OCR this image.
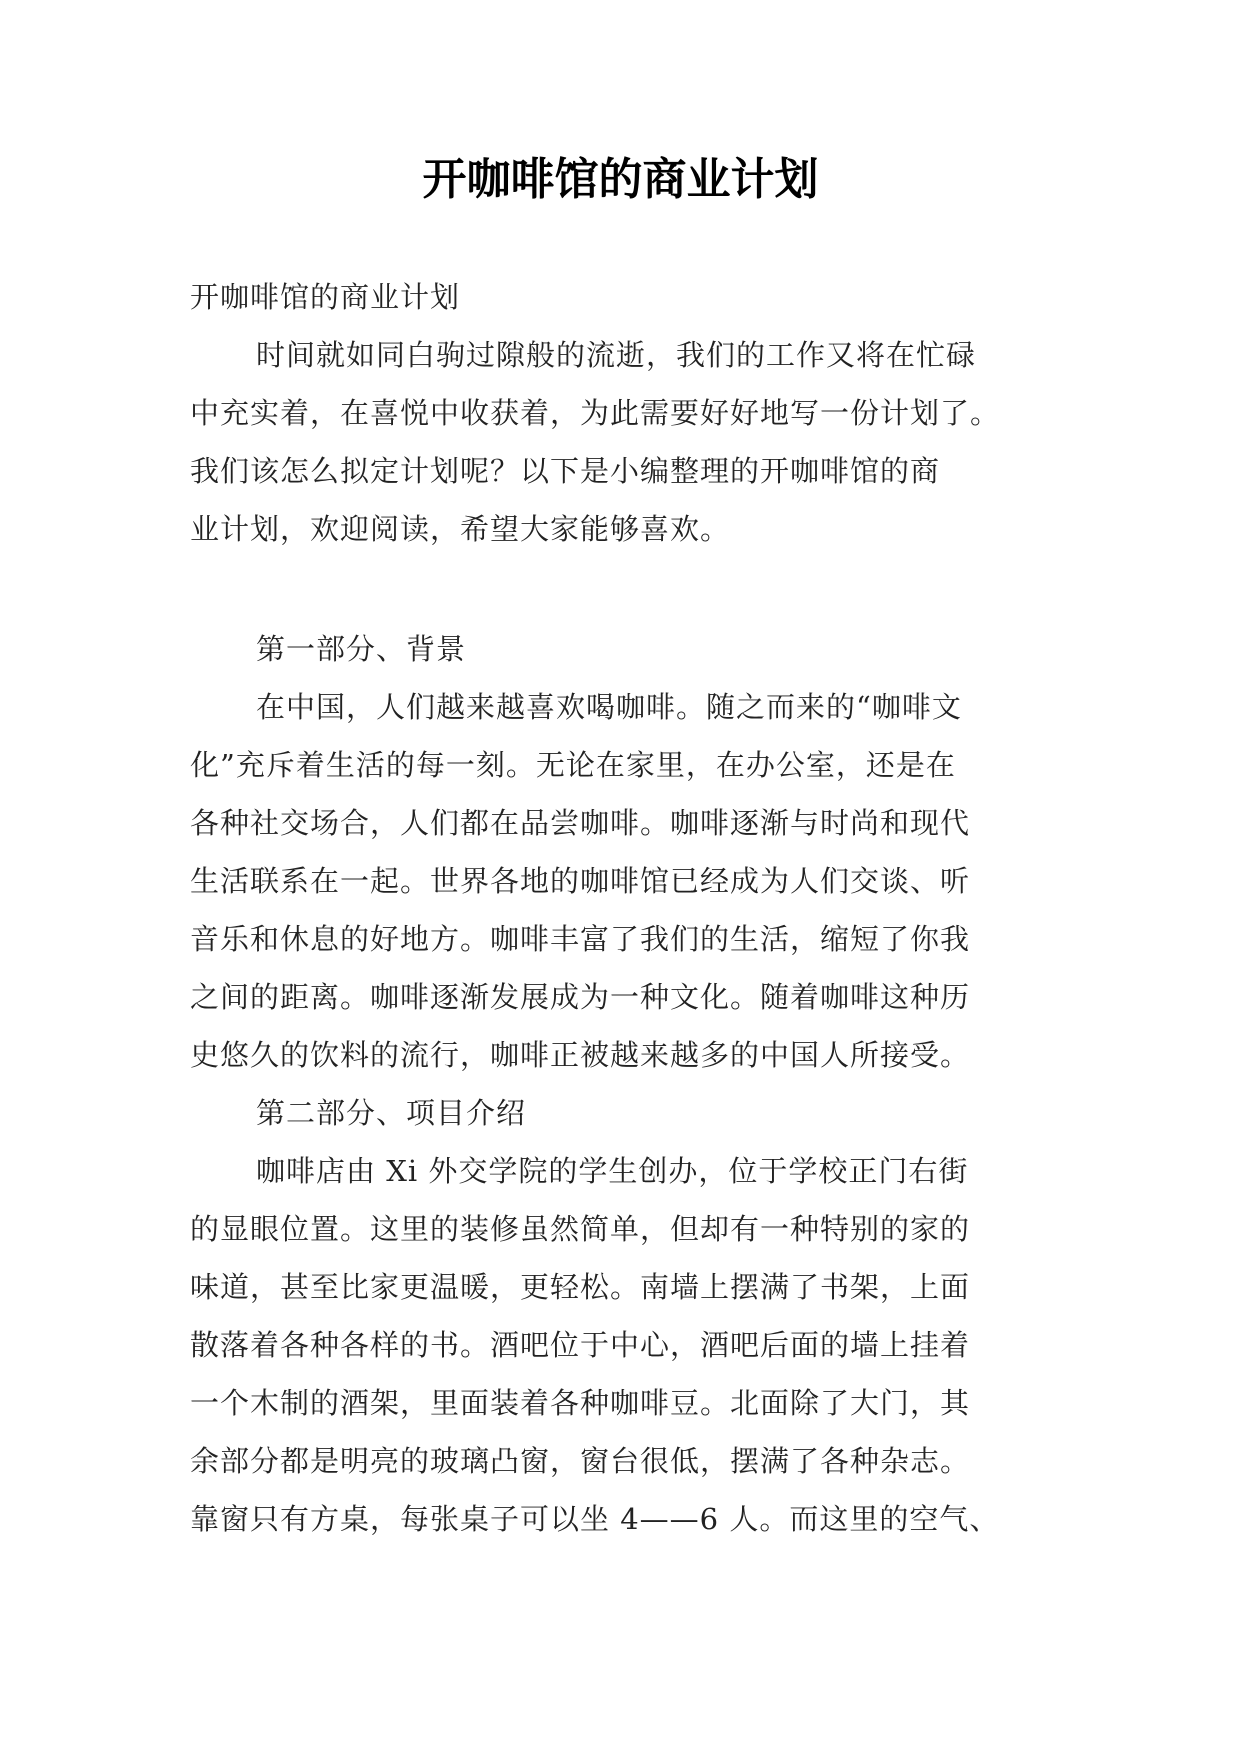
开咖啡馆的商业计划
开咖啡馆的商业计划
时间就如同白驹过隙般的流逝，我们的工作又将在忙碌
中充实着，在喜悦中收获着，为此需要好好地写一份计划了。
我们该怎么拟定计划呢？以下是小编整理的开咖啡馆的商
业计划，欢迎阅读，希望大家能够喜欢。
第一部分、背景
在中国，人们越来越喜欢喝咖啡。随之而来的“咖啡文
化”充斥着生活的每一刻。无论在家里，在办公室，还是在
各种社交场合，人们都在品尝咖啡。咖啡逐渐与时尚和现代
生活联系在一起。世界各地的咖啡馆已经成为人们交谈、听
音乐和休息的好地方。咖啡丰富了我们的生活，缩短了你我
之间的距离。咖啡逐渐发展成为一种文化。随着咖啡这种历
史悠久的饮料的流行，咖啡正被越来越多的中国人所接受。
第二部分、项目介绍
咖啡店由 Xi 外交学院的学生创办，位于学校正门右街
的显眼位置。这里的装修虽然简单，但却有一种特别的家的
味道，甚至比家更温暖，更轻松。南墙上摆满了书架，上面
散落着各种各样的书。酒吧位于中心，酒吧后面的墙上挂着
一个木制的酒架，里面装着各种咖啡豆。北面除了大门，其
余部分都是明亮的玻璃凸窗，窗台很低，摆满了各种杂志。
靠窗只有方桌，每张桌子可以坐 4——6 人。而这里的空气、
